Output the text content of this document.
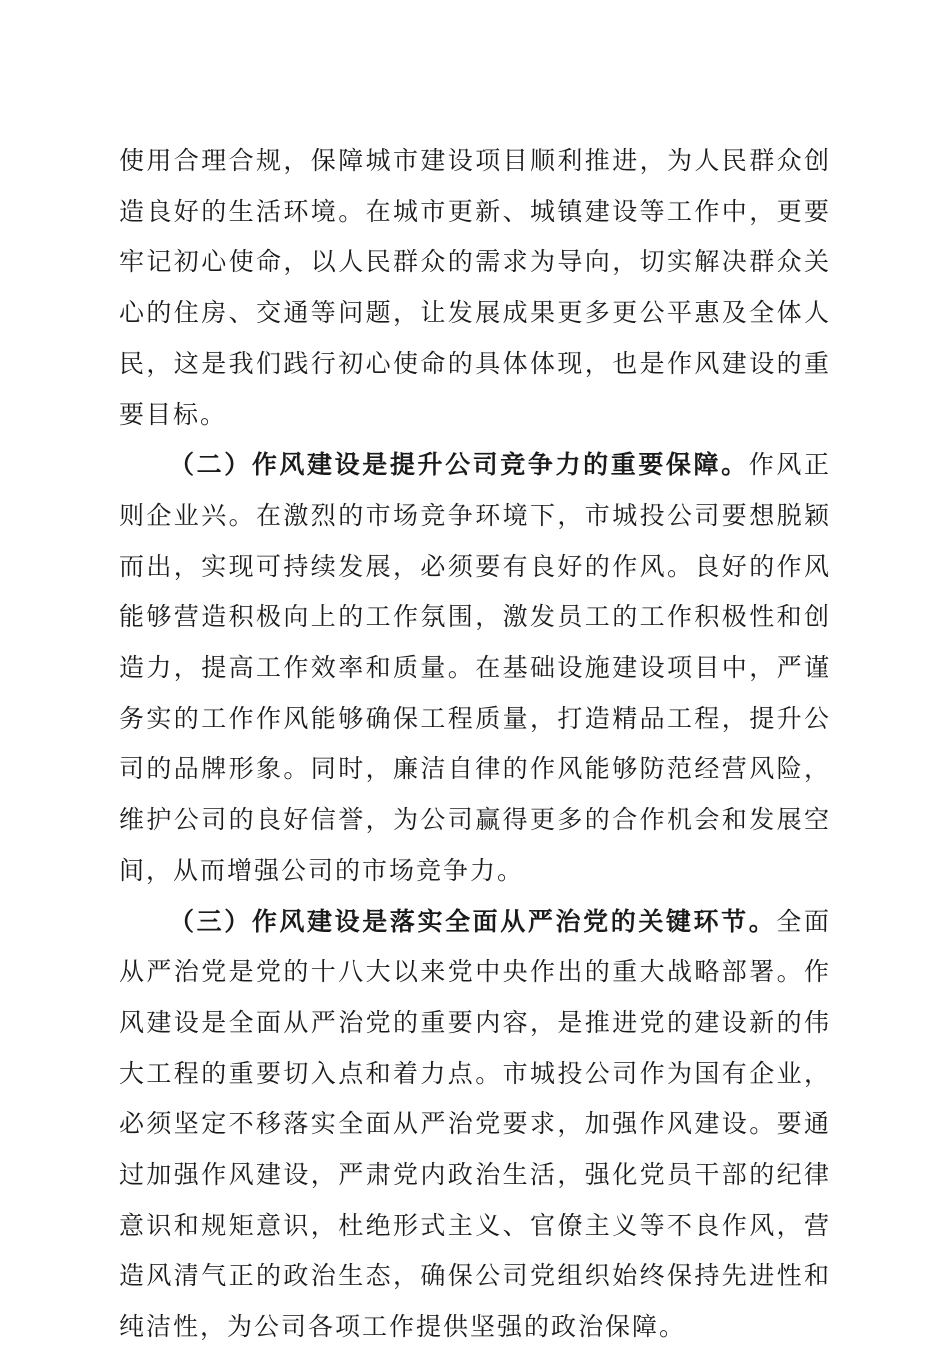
使用合理合规，保障城市建设项目顺利推进，为人民群众创造良好的生活环境。在城市更新、城镇建设等工作中，更要牢记初心使命，以人民群众的需求为导向，切实解决群众关心的住房、交通等问题，让发展成果更多更公平惠及全体人民，这是我们践行初心使命的具体体现，也是作风建设的重要目标。

（二）作风建设是提升公司竞争力的重要保障。作风正则企业兴。在激烈的市场竞争环境下，市城投公司要想脱颖而出，实现可持续发展，必须要有良好的作风。良好的作风能够营造积极向上的工作氛围，激发员工的工作积极性和创造力，提高工作效率和质量。在基础设施建设项目中，严谨务实的工作作风能够确保工程质量，打造精品工程，提升公司的品牌形象。同时，廉洁自律的作风能够防范经营风险，维护公司的良好信誉，为公司赢得更多的合作机会和发展空间，从而增强公司的市场竞争力。

（三）作风建设是落实全面从严治党的关键环节。全面从严治党是党的十八大以来党中央作出的重大战略部署。作风建设是全面从严治党的重要内容，是推进党的建设新的伟大工程的重要切入点和着力点。市城投公司作为国有企业，必须坚定不移落实全面从严治党要求，加强作风建设。要通过加强作风建设，严肃党内政治生活，强化党员干部的纪律意识和规矩意识，杜绝形式主义、官僚主义等不良作风，营造风清气正的政治生态，确保公司党组织始终保持先进性和纯洁性，为公司各项工作提供坚强的政治保障。
